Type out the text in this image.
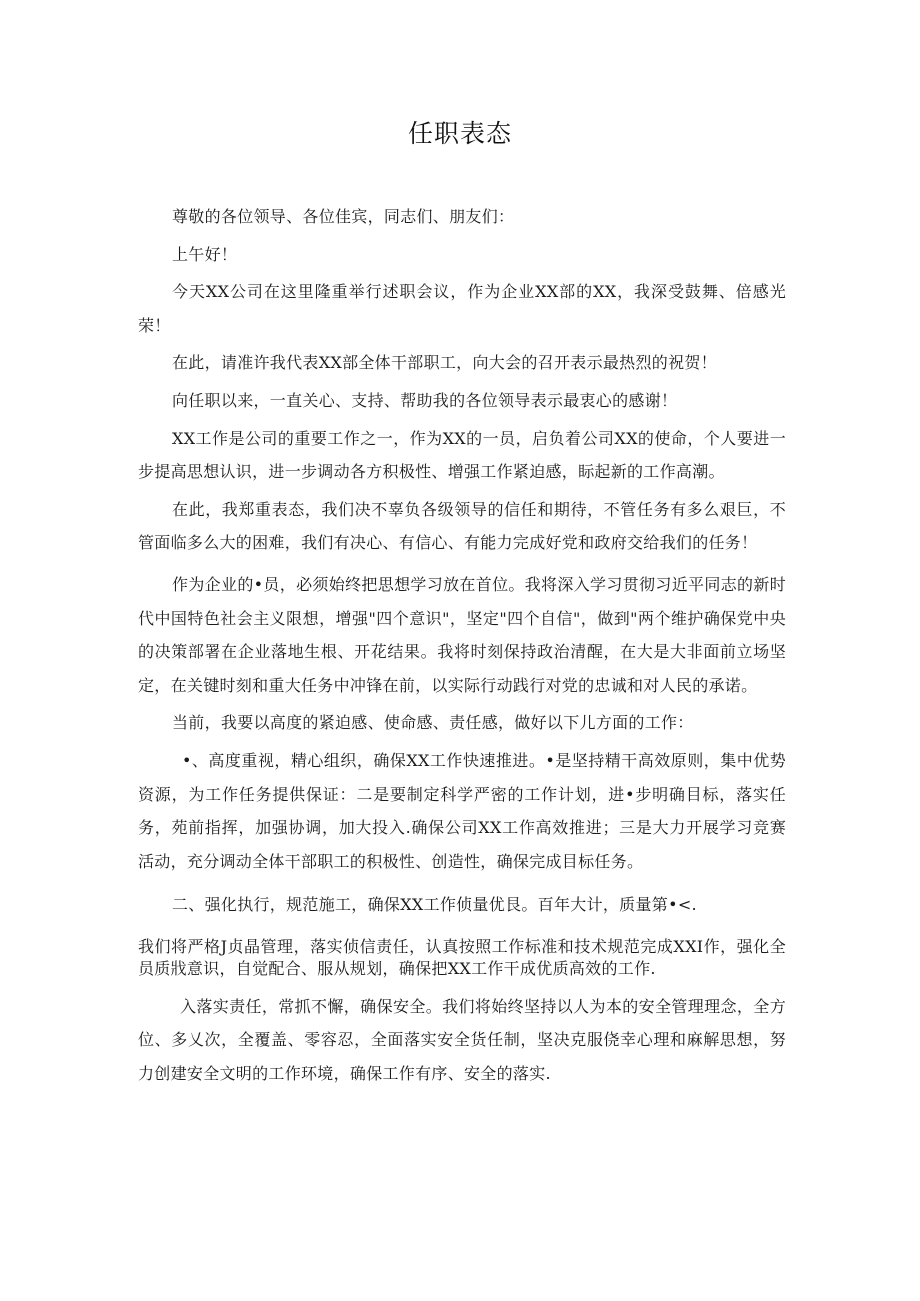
任职表态

尊敬的各位领导、各位佳宾，同志们、朋友们：

上午好！

今天XX公司在这里隆重举行述职会议，作为企业XX部的XX，我深受鼓舞、倍感光荣！

在此，请准许我代表XX部全体干部职工，向大会的召开表示最热烈的祝贺！

向任职以来，一直关心、支持、帮助我的各位领导表示最衷心的感谢！

XX工作是公司的重要工作之一，作为XX的一员，启负着公司XX的使命，个人要进一步提高思想认识，进一步调动各方积极性、增强工作紧迫感，眎起新的工作高潮。

在此，我郑重表态，我们决不辜负各级领导的信任和期待，不管任务有多么艰巨，不管面临多么大的困难，我们有决心、有信心、有能力完成好党和政府交给我们的任务！

作为企业的•员，必须始终把思想学习放在首位。我将深入学习贯彻习近平同志的新时代中国特色社会主义限想，增强"四个意识"，坚定"四个自信"，做到"两个维护确保党中央的决策部署在企业落地生根、开花结果。我将时刻保持政治清醒，在大是大非面前立场坚定，在关键时刻和重大任务中冲锋在前，以实际行动践行对党的忠诚和对人民的承诺。

当前，我要以高度的紧迫感、使命感、责任感，做好以下儿方面的工作：

•、高度重视，精心组织，确保XX工作快速推进。•是坚持精干高效原则，集中优势资源，为工作任务提供保证：二是要制定科学严密的工作计划，进•步明确目标，落实任务，苑前指挥，加强协调，加大投入.确保公司XX工作高效推进；三是大力开展学习竞赛活动，充分调动全体干部职工的积极性、创造性，确保完成目标任务。

二、强化执行，规范施工，确保XX工作侦量优艮。百年大计，质量第•<.

我们将严格J贞晶管理，落实侦信责任，认真按照工作标准和技术规范完成XXI作，强化全员质戕意识，自觉配合、服从规划，确保把XX工作干成优质高效的工作.

入落实责任，常抓不懈，确保安全。我们将始终坚持以人为本的安全管理理念，全方位、多乂次，全覆盖、零容忍，全面落实安全货任制，坚决克服侥幸心理和麻解思想，努力创建安全文明的工作环境，确保工作有序、安全的落实.
